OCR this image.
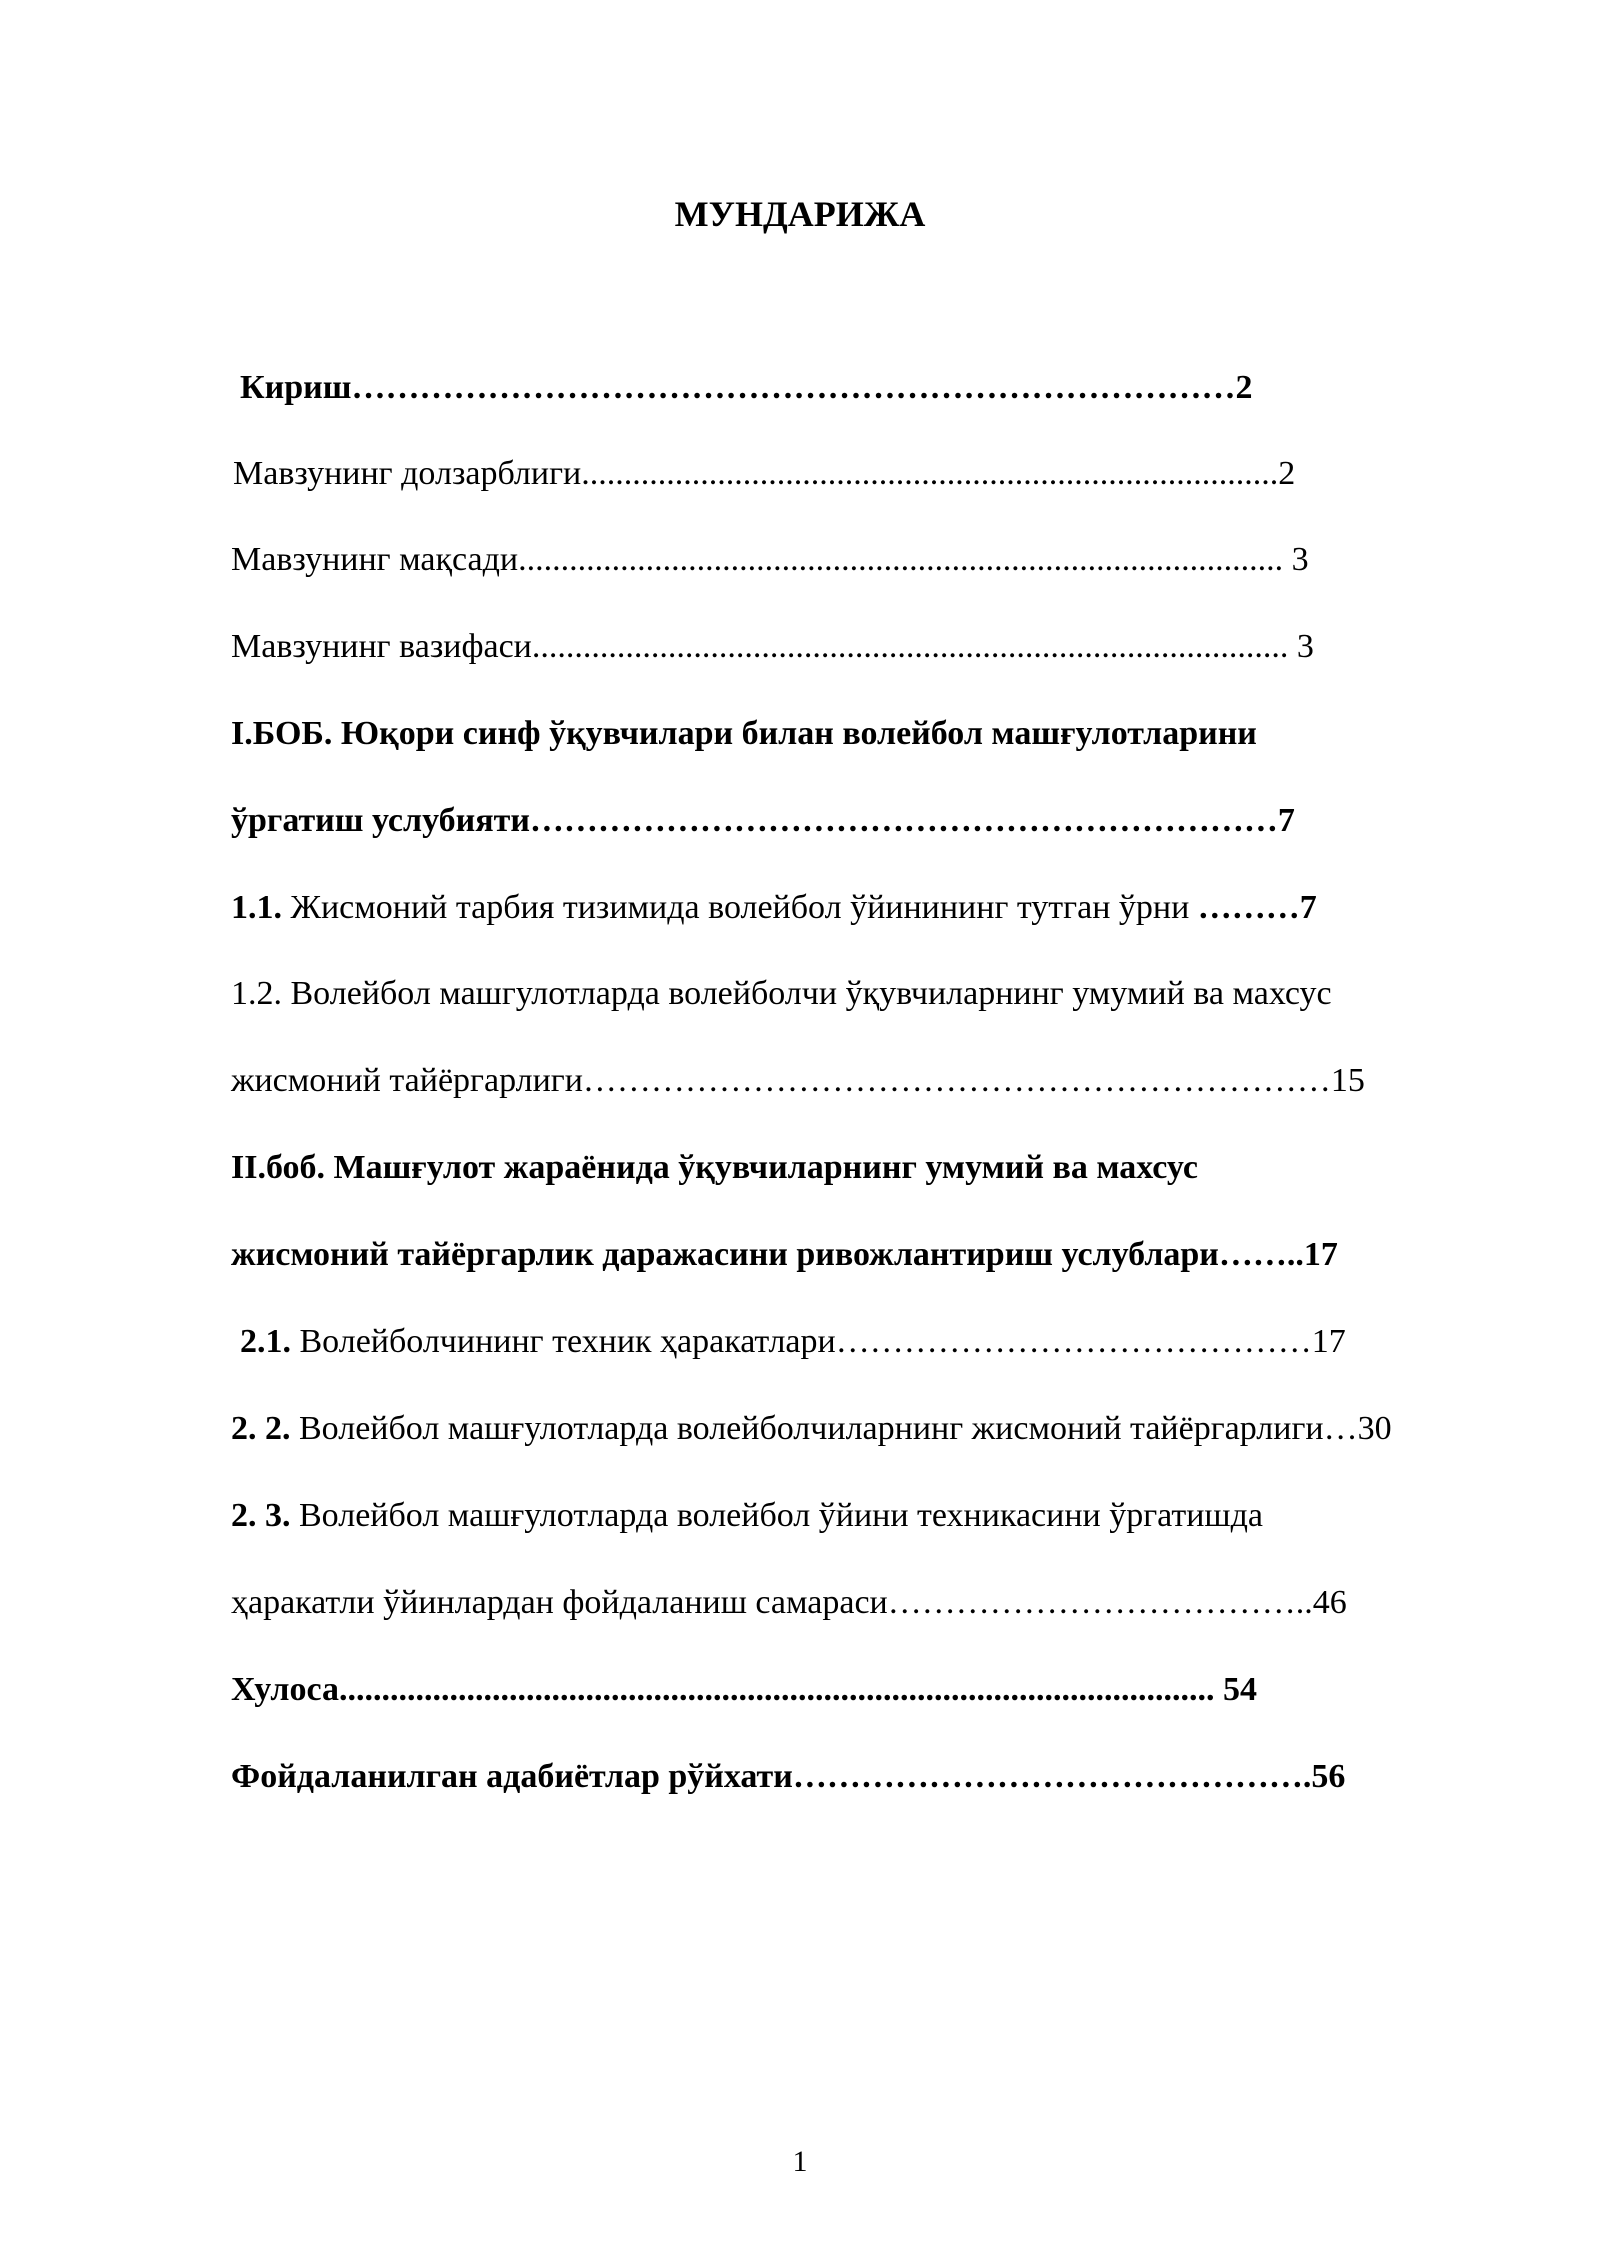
МУНДАРИЖА
Кириш……………………………………………………………………2
Мавзунинг долзарблиги..................................................................................2
Мавзунинг мақсади.......................................................................................... 3
Мавзунинг вазифаси......................................................................................... 3
I.БОБ. Юқори синф ўқувчилари билан волейбол машғулотларини
ўргатиш услубияти…………………………………………………………7
1.1. Жисмоний тарбия тизимида волейбол ўйинининг тутган ўрни ………7
1.2. Волейбол машгулотларда волейболчи ўқувчиларнинг умумий ва махсус
жисмоний тайёргарлиги…………………………………………………………15
II.боб. Машғулот жараёнида ўқувчиларнинг умумий ва махсус
жисмоний тайёргарлик даражасини ривожлантириш услублари……..17
2.1. Волейболчининг техник ҳаракатлари……………………………………17
2. 2. Волейбол машғулотларда волейболчиларнинг жисмоний тайёргарлиги…30
2. 3. Волейбол машғулотларда волейбол ўйини техникасини ўргатишда
ҳаракатли ўйинлардан фойдаланиш самараси………………………………..46
Хулоса....................................................................................................... 54
Фойдаланилган адабиётлар рўйхати……………………………………….56
1
